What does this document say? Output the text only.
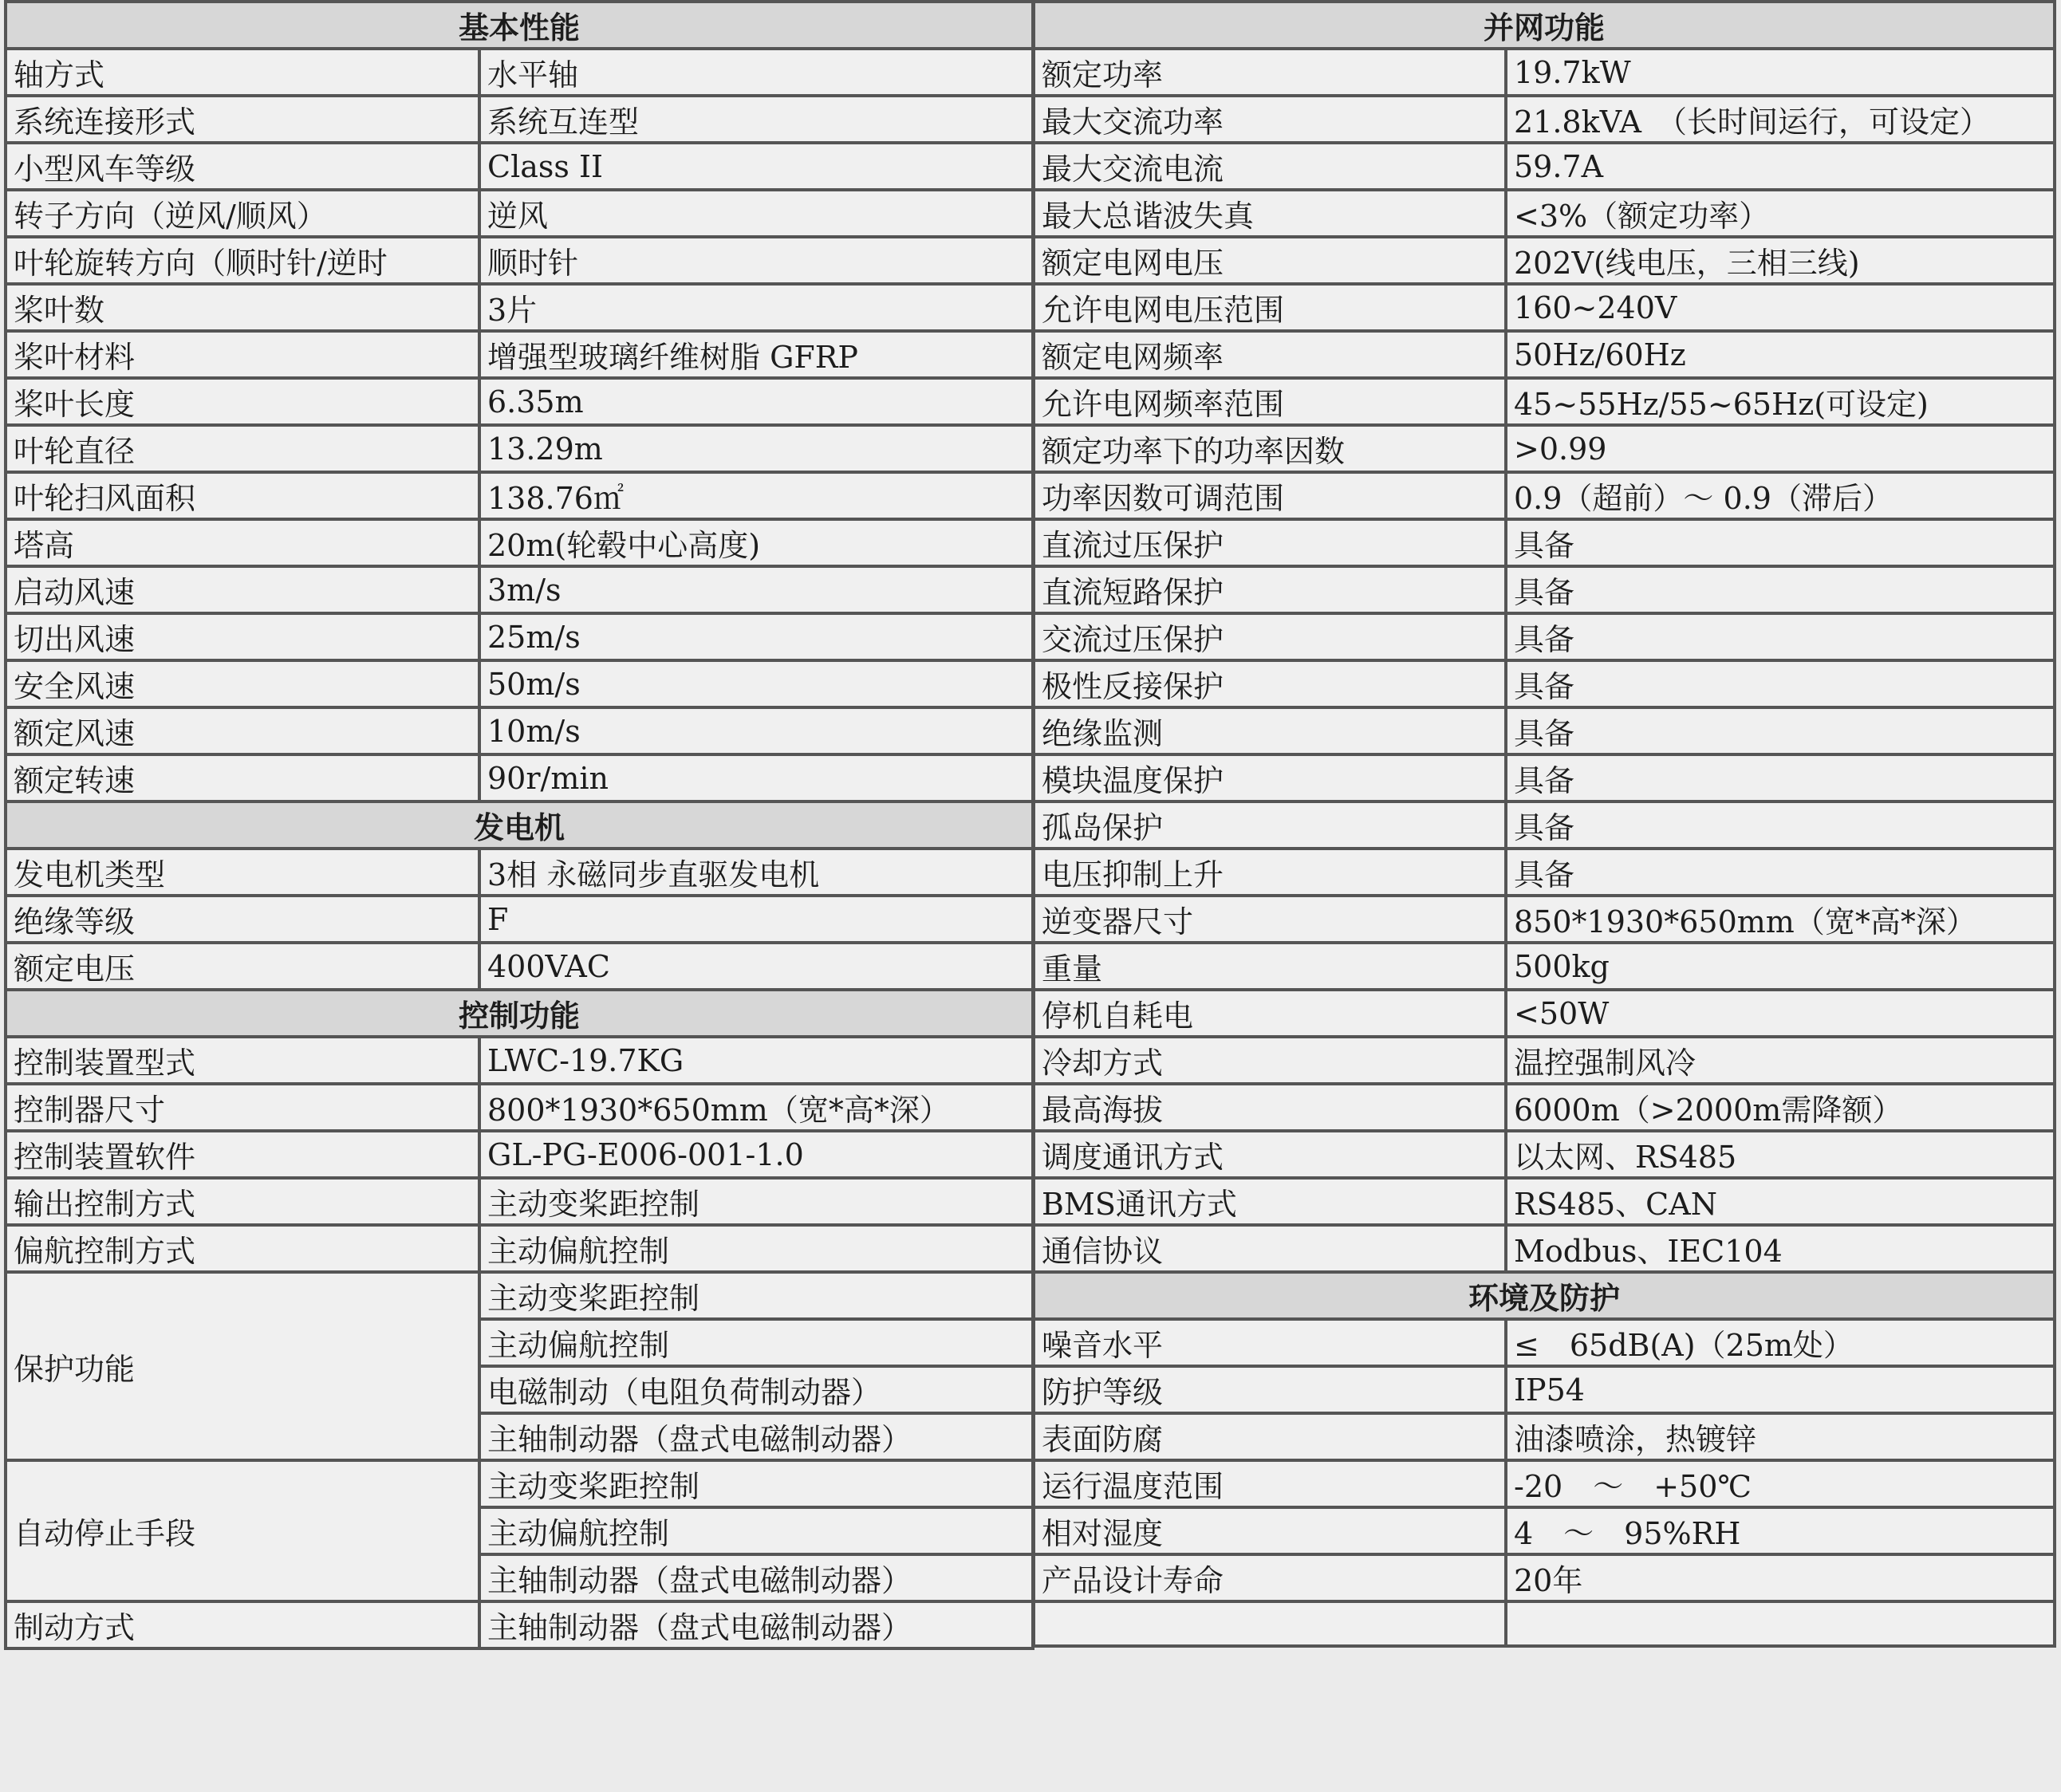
基本性能	
轴方式	水平轴
系统连接形式	系统互连型
小型风车等级	Class II
转子方向（逆风/顺风）	逆风
叶轮旋转方向（顺时针/逆时	顺时针
桨叶数	3片
桨叶材料	增强型玻璃纤维树脂 GFRP
桨叶长度	6.35m
叶轮直径	13.29m
叶轮扫风面积	138.76㎡
塔高	20m(轮毂中心高度)
启动风速	3m/s
切出风速	25m/s
安全风速	50m/s
额定风速	10m/s
额定转速	90r/min
发电机	
发电机类型	3相 永磁同步直驱发电机
绝缘等级	F
额定电压	400VAC
控制功能	
控制装置型式	LWC-19.7KG
控制器尺寸	800*1930*650mm（宽*高*深）
控制装置软件	GL-PG-E006-001-1.0
输出控制方式	主动变桨距控制
偏航控制方式	主动偏航控制
保护功能	主动变桨距控制
	主动偏航控制
	电磁制动（电阻负荷制动器）
	主轴制动器（盘式电磁制动器）
自动停止手段	主动变桨距控制
	主动偏航控制
	主轴制动器（盘式电磁制动器）
制动方式	主轴制动器（盘式电磁制动器）
并网功能	
额定功率	19.7kW
最大交流功率	21.8kVA　（长时间运行，可设定）
最大交流电流	59.7A
最大总谐波失真	<3%（额定功率）
额定电网电压	202V(线电压，三相三线)
允许电网电压范围	160~240V
额定电网频率	50Hz/60Hz
允许电网频率范围	45~55Hz/55~65Hz(可设定)
额定功率下的功率因数	>0.99
功率因数可调范围	0.9（超前）～ 0.9（滞后）
直流过压保护	具备
直流短路保护	具备
交流过压保护	具备
极性反接保护	具备
绝缘监测	具备
模块温度保护	具备
孤岛保护	具备
电压抑制上升	具备
逆变器尺寸	850*1930*650mm（宽*高*深）
重量	500kg
停机自耗电	<50W
冷却方式	温控强制风冷
最高海拔	6000m（>2000m需降额）
调度通讯方式	以太网、RS485
BMS通讯方式	RS485、CAN
通信协议	Modbus、IEC104
环境及防护	
噪音水平	≤　65dB(A)（25m处）
防护等级	IP54
表面防腐	油漆喷涂，热镀锌
运行温度范围	-20　～　+50℃
相对湿度	4　～　95%RH
产品设计寿命	20年
